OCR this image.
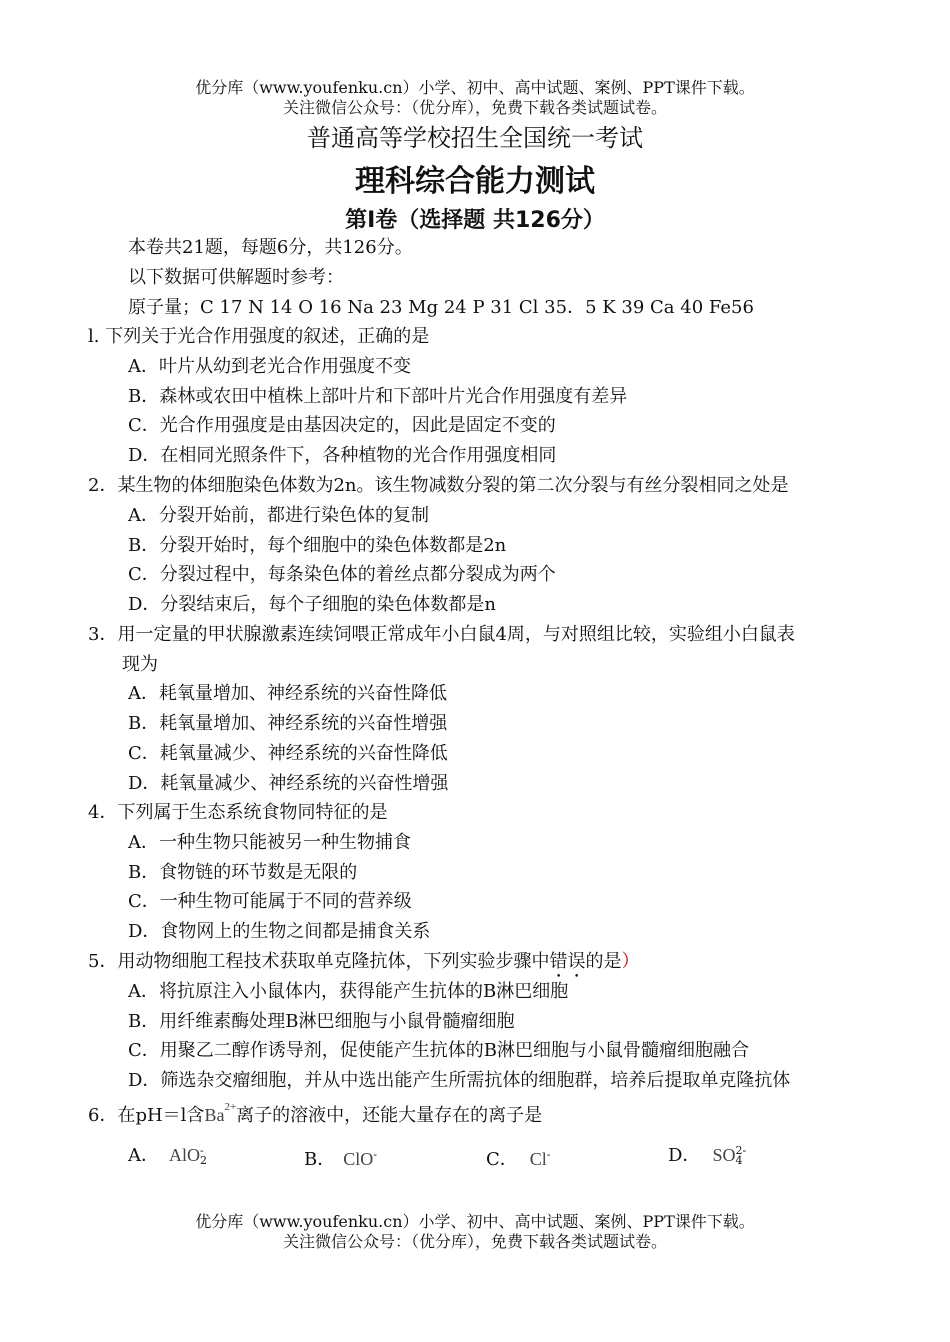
优分库（www.youfenku.cn）小学、初中、高中试题、案例、PPT课件下载。
关注微信公众号：（优分库），免费下载各类试题试卷。
普通高等学校招生全国统一考试
理科综合能力测试
第Ⅰ卷（选择题 共126分）
本卷共21题，每题6分，共126分。
以下数据可供解题时参考：
原子量；C 17 N 14 O 16 Na 23 Mg 24 P 31 Cl 35．5 K 39 Ca 40 Fe56
l. 下列关于光合作用强度的叙述，正确的是
A．叶片从幼到老光合作用强度不变
B．森林或农田中植株上部叶片和下部叶片光合作用强度有差异
C．光合作用强度是由基因决定的，因此是固定不变的
D．在相同光照条件下，各种植物的光合作用强度相同
2．某生物的体细胞染色体数为2n。该生物减数分裂的第二次分裂与有丝分裂相同之处是
A．分裂开始前，都进行染色体的复制
B．分裂开始时，每个细胞中的染色体数都是2n
C．分裂过程中，每条染色体的着丝点都分裂成为两个
D．分裂结束后，每个子细胞的染色体数都是n
3．用一定量的甲状腺激素连续饲喂正常成年小白鼠4周，与对照组比较，实验组小白鼠表
现为
A．耗氧量增加、神经系统的兴奋性降低
B．耗氧量增加、神经系统的兴奋性增强
C．耗氧量减少、神经系统的兴奋性降低
D．耗氧量减少、神经系统的兴奋性增强
4．下列属于生态系统食物同特征的是
A．一种生物只能被另一种生物捕食
B．食物链的环节数是无限的
C．一种生物可能属于不同的营养级
D．食物网上的生物之间都是捕食关系
5．用动物细胞工程技术获取单克隆抗体，下列实验步骤中错误的是）
A．将抗原注入小鼠体内，获得能产生抗体的B淋巴细胞
B．用纤维素酶处理B淋巴细胞与小鼠骨髓瘤细胞
C．用聚乙二醇作诱导剂，促使能产生抗体的B淋巴细胞与小鼠骨髓瘤细胞融合
D．筛选杂交瘤细胞，并从中选出能产生所需抗体的细胞群，培养后提取单克隆抗体
6．在pH＝l含$Ba^{2+}$离子的溶液中，还能大量存在的离子是
A． AlO -
2	B． ClO-	C． Cl-	D． SO 2-
4
优分库（www.youfenku.cn）小学、初中、高中试题、案例、PPT课件下载。
关注微信公众号：（优分库），免费下载各类试题试卷。
